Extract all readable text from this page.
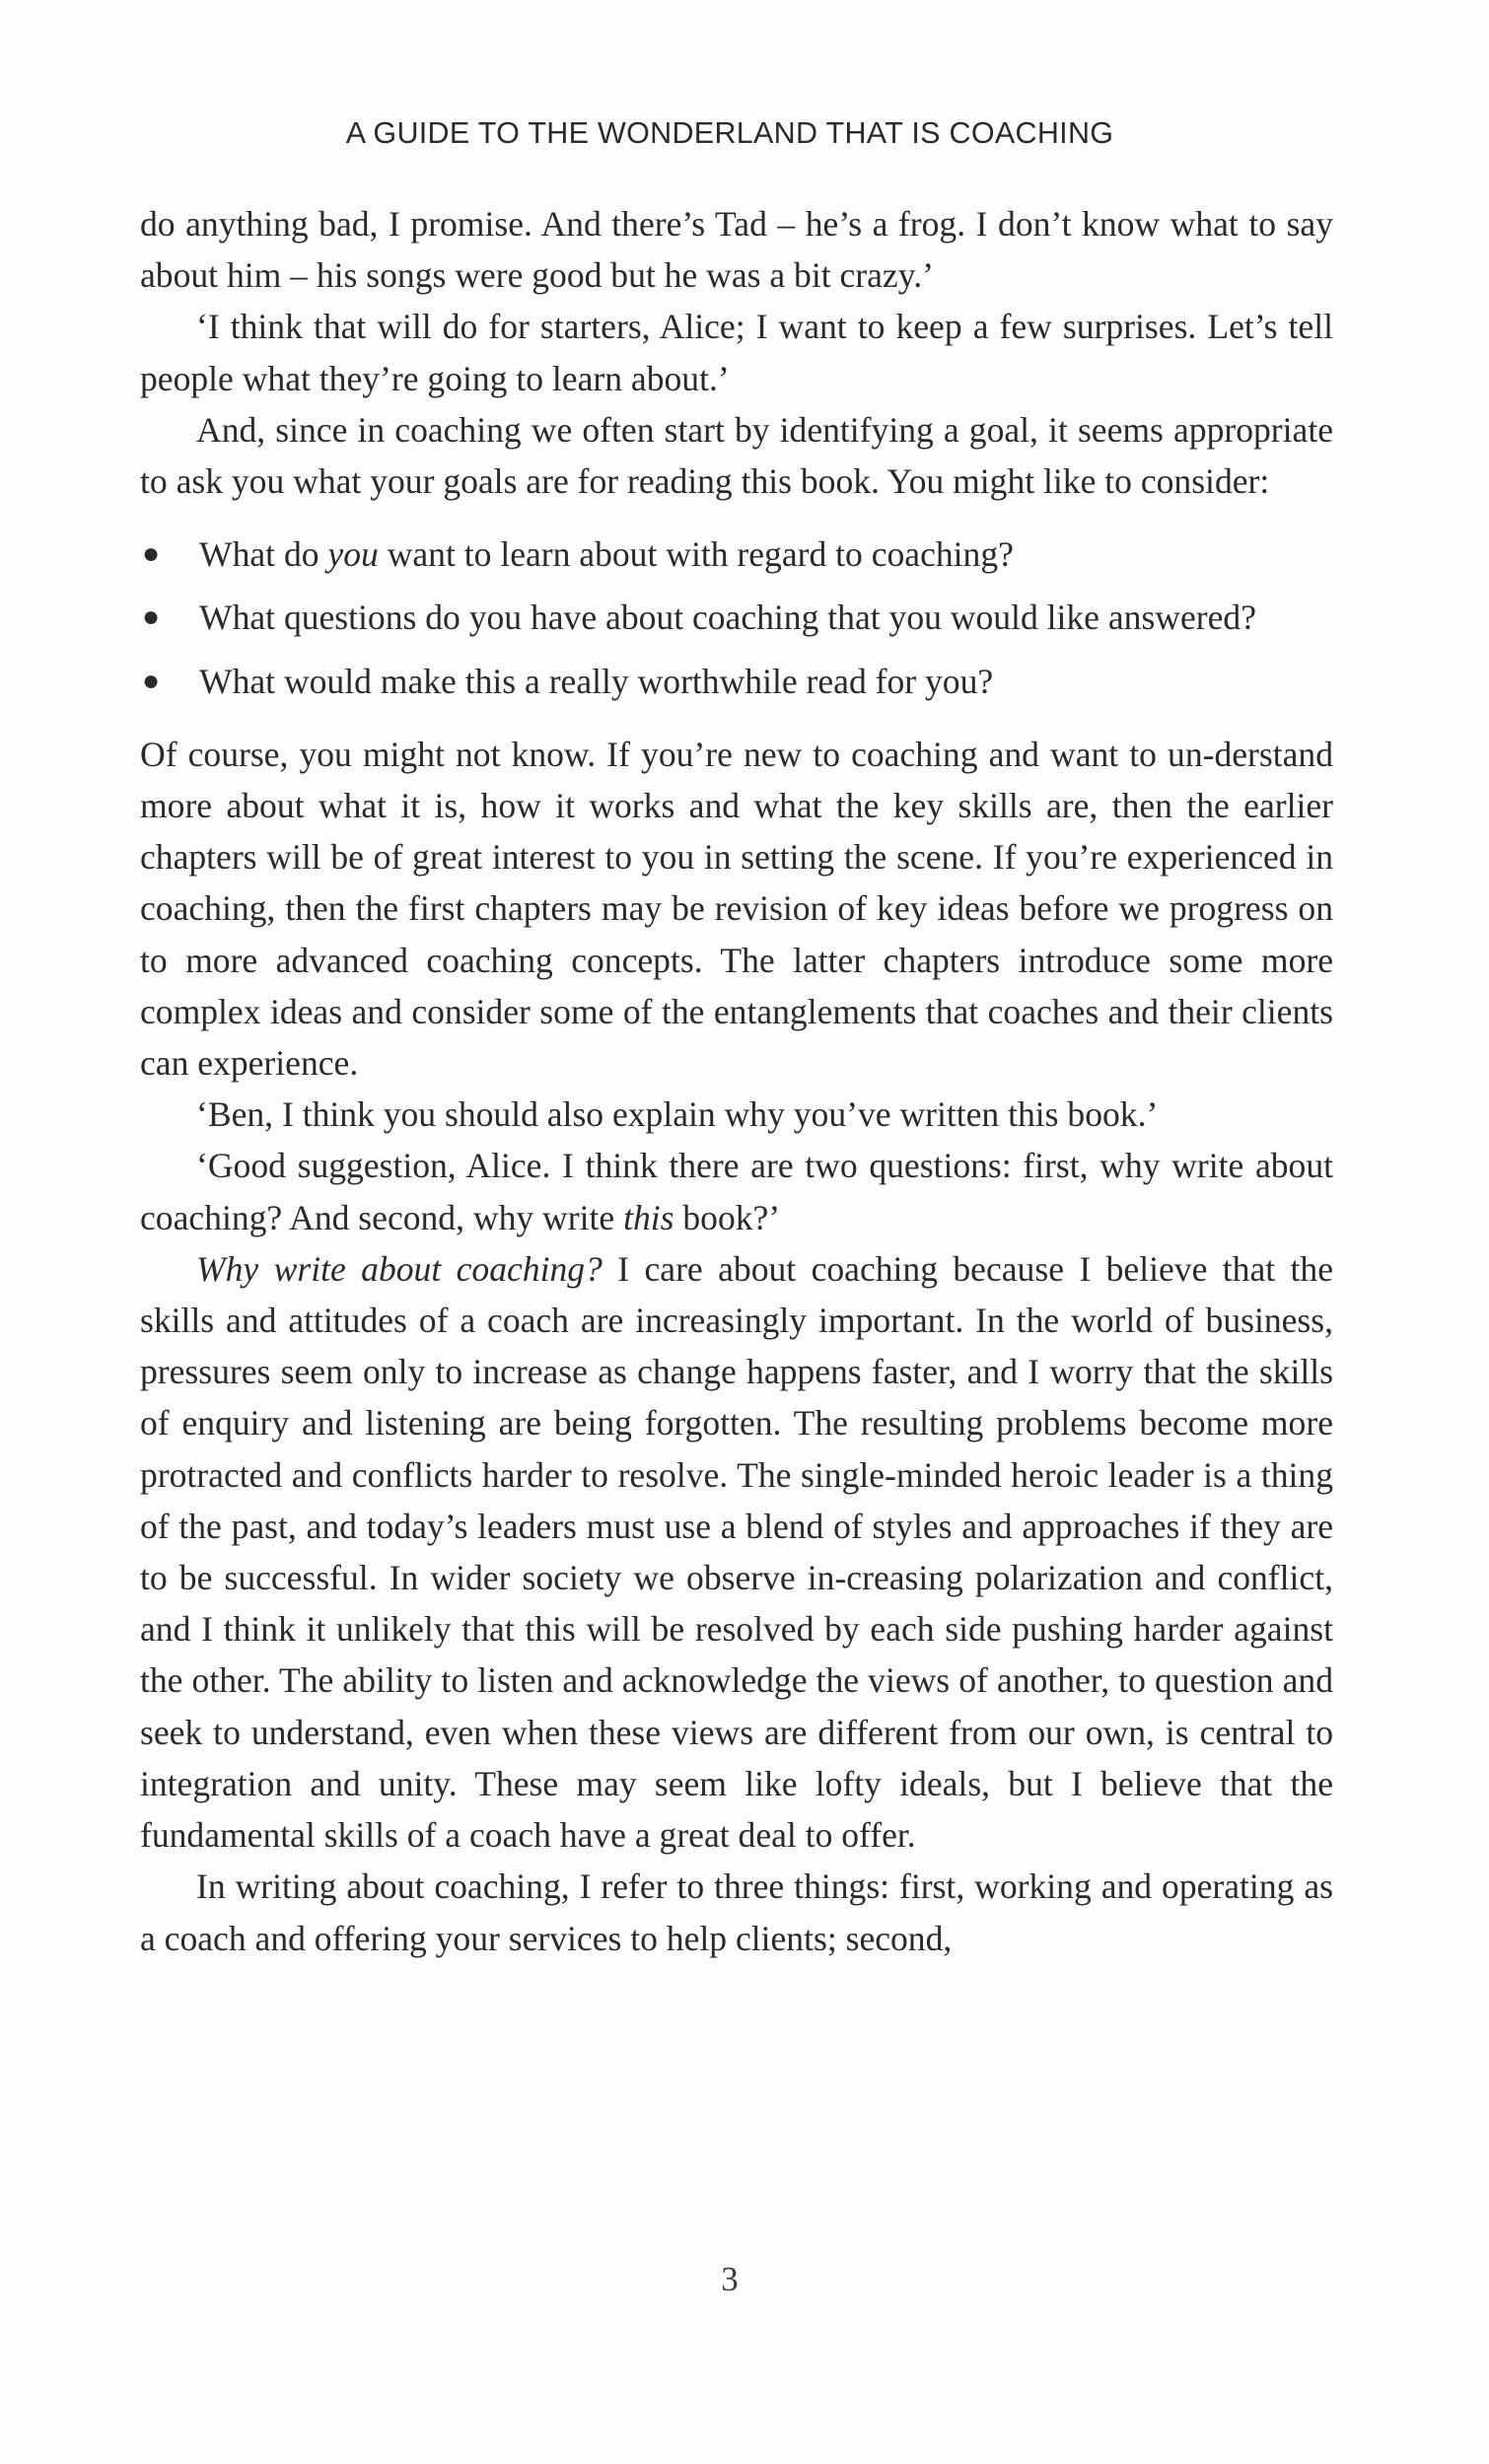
A GUIDE TO THE WONDERLAND THAT IS COACHING

do anything bad, I promise. And there’s Tad – he’s a frog. I don’t know what to say about him – his songs were good but he was a bit crazy.’

‘I think that will do for starters, Alice; I want to keep a few surprises. Let’s tell people what they’re going to learn about.’

And, since in coaching we often start by identifying a goal, it seems appropriate to ask you what your goals are for reading this book. You might like to consider:

● What do you want to learn about with regard to coaching?
● What questions do you have about coaching that you would like answered?
● What would make this a really worthwhile read for you?

Of course, you might not know. If you’re new to coaching and want to un-derstand more about what it is, how it works and what the key skills are, then the earlier chapters will be of great interest to you in setting the scene. If you’re experienced in coaching, then the first chapters may be revision of key ideas before we progress on to more advanced coaching concepts. The latter chapters introduce some more complex ideas and consider some of the entanglements that coaches and their clients can experience.

‘Ben, I think you should also explain why you’ve written this book.’

‘Good suggestion, Alice. I think there are two questions: first, why write about coaching? And second, why write this book?’

Why write about coaching? I care about coaching because I believe that the skills and attitudes of a coach are increasingly important. In the world of business, pressures seem only to increase as change happens faster, and I worry that the skills of enquiry and listening are being forgotten. The resulting problems become more protracted and conflicts harder to resolve. The single-minded heroic leader is a thing of the past, and today’s leaders must use a blend of styles and approaches if they are to be successful. In wider society we observe in-creasing polarization and conflict, and I think it unlikely that this will be resolved by each side pushing harder against the other. The ability to listen and acknowledge the views of another, to question and seek to understand, even when these views are different from our own, is central to integration and unity. These may seem like lofty ideals, but I believe that the fundamental skills of a coach have a great deal to offer.

In writing about coaching, I refer to three things: first, working and operating as a coach and offering your services to help clients; second,

3
